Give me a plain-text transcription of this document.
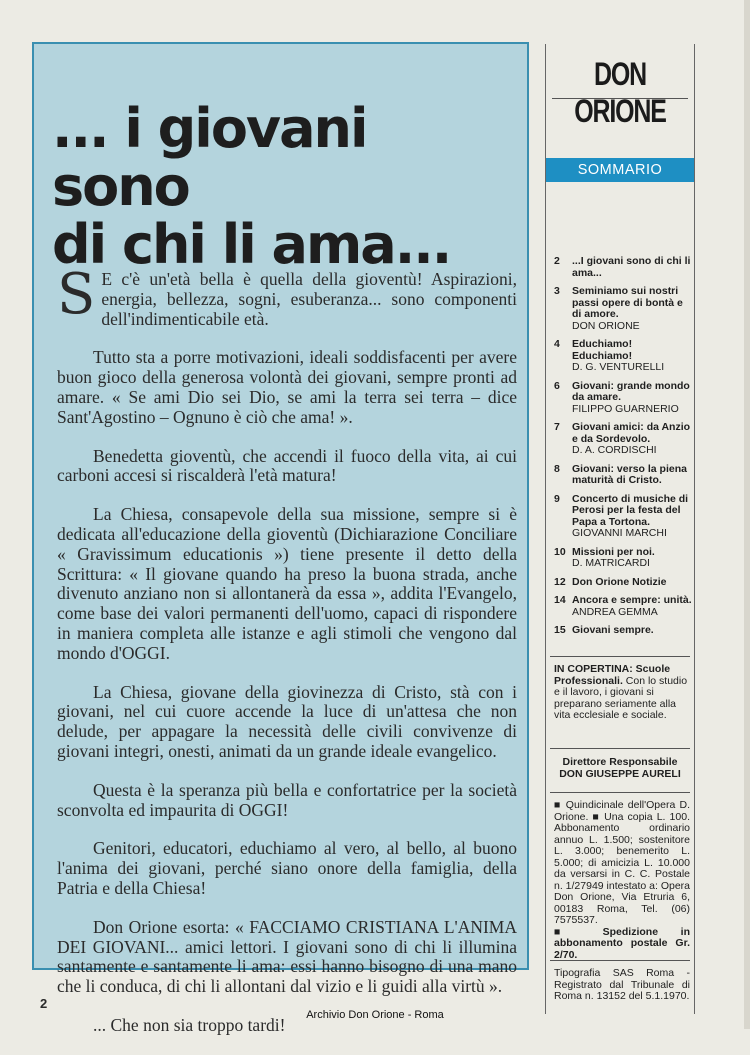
... i giovani sono
di chi li ama...

S E c'è un'età bella è quella della gioventù! Aspirazioni, energia, bellezza, sogni, esuberanza... sono componenti dell'indimenticabile età.

Tutto sta a porre motivazioni, ideali soddisfacenti per avere buon gioco della generosa volontà dei giovani, sempre pronti ad amare. « Se ami Dio sei Dio, se ami la terra sei terra – dice Sant'Agostino – Ognuno è ciò che ama! ».

Benedetta gioventù, che accendi il fuoco della vita, ai cui carboni accesi si riscalderà l'età matura!

La Chiesa, consapevole della sua missione, sempre si è dedicata all'educazione della gioventù (Dichiarazione Conciliare « Gravissimum educationis ») tiene presente il detto della Scrittura: « Il giovane quando ha preso la buona strada, anche divenuto anziano non si allontanerà da essa », addita l'Evangelo, come base dei valori permanenti dell'uomo, capaci di rispondere in maniera completa alle istanze e agli stimoli che vengono dal mondo d'OGGI.

La Chiesa, giovane della giovinezza di Cristo, stà con i giovani, nel cui cuore accende la luce di un'attesa che non delude, per appagare la necessità delle civili convivenze di giovani integri, onesti, animati da un grande ideale evangelico.

Questa è la speranza più bella e confortatrice per la società sconvolta ed impaurita di OGGI!

Genitori, educatori, educhiamo al vero, al bello, al buono l'anima dei giovani, perché siano onore della famiglia, della Patria e della Chiesa!

Don Orione esorta: « FACCIAMO CRISTIANA L'ANIMA DEI GIOVANI... amici lettori. I giovani sono di chi li illumina santamente e santamente li ama: essi hanno bisogno di una mano che li conduca, di chi li allontani dal vizio e li guidi alla virtù ».

... Che non sia troppo tardi!

DON ORIONE
SOMMARIO
2 ...I giovani sono di chi li ama...
3 Seminiamo sui nostri passi opere di bontà e di amore.
DON ORIONE
4 Educhiamo! Educhiamo!
D. G. VENTURELLI
6 Giovani: grande mondo da amare.
FILIPPO GUARNERIO
7 Giovani amici: da Anzio e da Sordevolo.
D. A. CORDISCHI
8 Giovani: verso la piena maturità di Cristo.
9 Concerto di musiche di Perosi per la festa del Papa a Tortona.
GIOVANNI MARCHI
10 Missioni per noi.
D. MATRICARDI
12 Don Orione Notizie
14 Ancora e sempre: unità.
ANDREA GEMMA
15 Giovani sempre.
IN COPERTINA: Scuole Professionali. Con lo studio e il lavoro, i giovani si preparano seriamente alla vita ecclesiale e sociale.
Direttore Responsabile
DON GIUSEPPE AURELI

■ Quindicinale dell'Opera D. Orione. ■ Una copia L. 100. Abbonamento ordinario annuo L. 1.500; sostenitore L. 3.000; benemerito L. 5.000; di amicizia L. 10.000 da versarsi in C. C. Postale n. 1/27949 intestato a: Opera Don Orione, Via Etruria 6, 00183 Roma, Tel. (06) 7575537.

■ Spedizione in abbonamento postale Gr. 2/70.

Tipografia SAS Roma - Registrato dal Tribunale di Roma n. 13152 del 5.1.1970.
2
Archivio Don Orione - Roma
